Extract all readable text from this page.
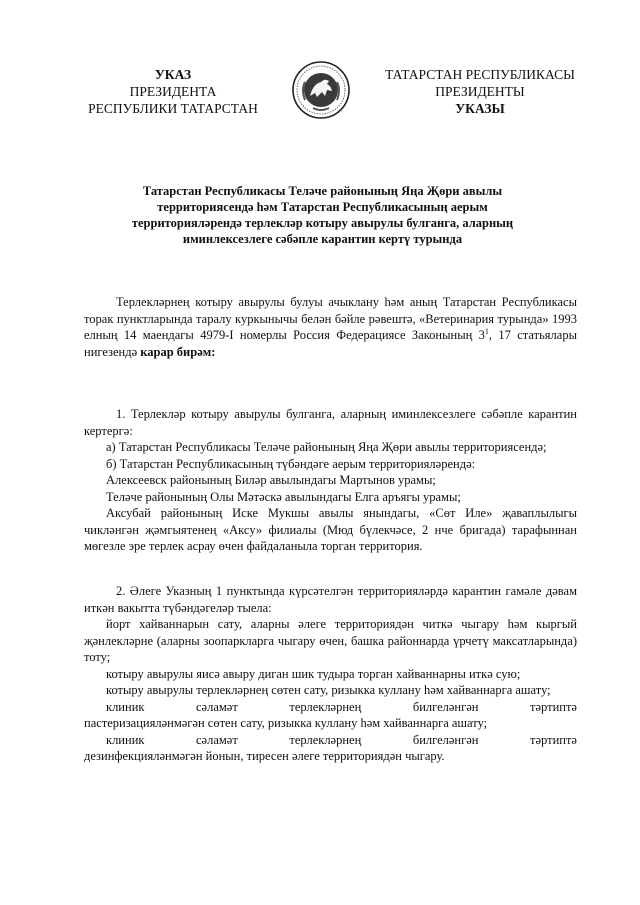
УКАЗ
ПРЕЗИДЕНТА
РЕСПУБЛИКИ ТАТАРСТАН
ТАТАРСТАН РЕСПУБЛИКАСЫ
ПРЕЗИДЕНТЫ
УКАЗЫ
Татарстан Республикасы Теләче районының Яңа Җөри авылы
территориясендә һәм Татарстан Республикасының аерым
территорияләрендә терлекләр котыру авырулы булганга, аларның
иминлексезлеге сәбәпле карантин кертү турында

Терлекләрнең котыру авырулы булуы ачыклану һәм аның Татарстан Республикасы торак пунктларында таралу куркынычы белән бәйле рәвештә, «Ветеринария турында» 1993 елның 14 маендагы 4979-I номерлы Россия Федерациясе Законының $3^1$, 17 статьялары нигезендә карар бирәм:

1. Терлекләр котыру авырулы булганга, аларның иминлексезлеге сәбәпле карантин кертергә:

а) Татарстан Республикасы Теләче районының Яңа Җөри авылы территориясендә;

б) Татарстан Республикасының түбәндәге аерым территорияләрендә:

Алексеевск районының Биләр авылындагы Мартынов урамы;

Теләче районының Олы Мәтәскә авылындагы Елга аръягы урамы;

Аксубай районының Иске Мукшы авылы янындагы, «Сөт Иле» җаваплылыгы чикләнгән җәмгыятенең «Аксу» филиалы (Мюд бүлекчәсе, 2 нче бригада) тарафыннан мөгезле эре терлек асрау өчен файдаланыла торган территория.

2. Әлеге Указның 1 пунктында күрсәтелгән территорияләрдә карантин гамәле дәвам иткән вакытта түбәндәгеләр тыела:

йорт хайваннарын сату, аларны әлеге территориядән читкә чыгару һәм кыргый җәнлекләрне (аларны зоопаркларга чыгару өчен, башка районнарда үрчетү максатларында) тоту;

котыру авырулы яисә авыру диган шик тудыра торган хайваннарны иткә сую;

котыру авырулы терлекләрнең сөтен сату, ризыкка куллану һәм хайваннарга ашату;

клиник	сәламәт	терлекләрнең	билгеләнгән	тәртиптә

пастеризацияләнмәгән сөтен сату, ризыкка куллану һәм хайваннарга ашату;

клиник	сәламәт	терлекләрнең	билгеләнгән	тәртиптә

дезинфекцияләнмәгән йонын, тиресен әлеге территориядән чыгару.
